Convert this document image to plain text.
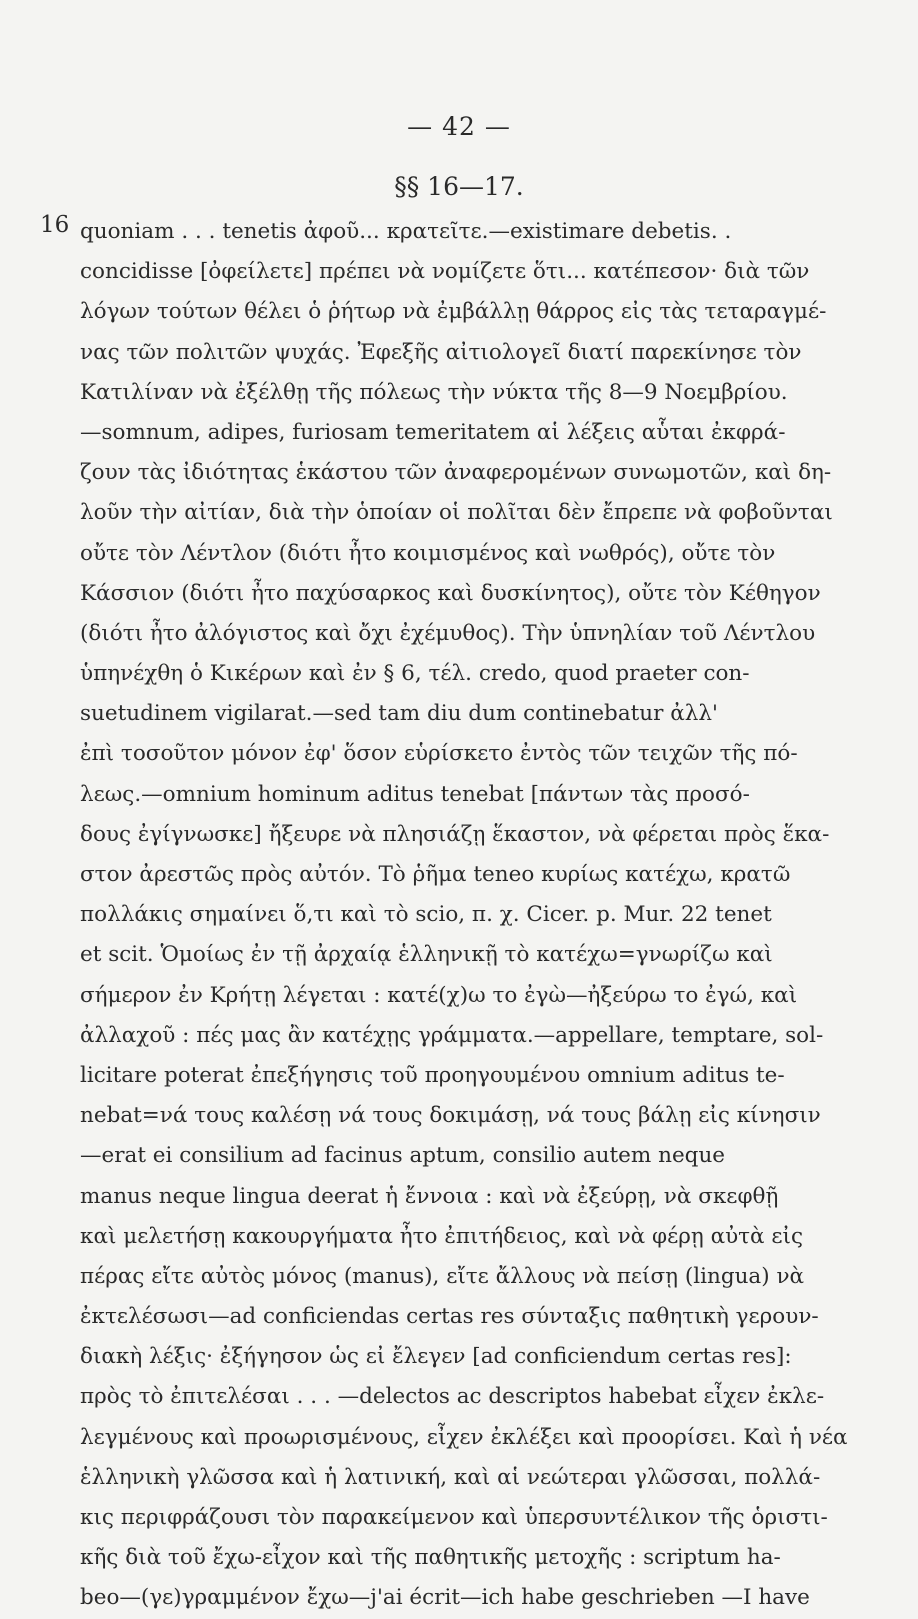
— 42 —
§§ 16—17.
16 quoniam . . . tenetis ἀφοῦ... κρατεῖτε.—existimare debetis. .
concidisse [ὀφείλετε] πρέπει νὰ νομίζετε ὅτι... κατέπεσον· διὰ τῶν
λόγων τούτων θέλει ὁ ῥήτωρ νὰ ἐμβάλλῃ θάρρος εἰς τὰς τεταραγμέ-
νας τῶν πολιτῶν ψυχάς. Ἐφεξῆς αἰτιολογεῖ διατί παρεκίνησε τὸν
Κατιλίναν νὰ ἐξέλθῃ τῆς πόλεως τὴν νύκτα τῆς 8—9 Νοεμβρίου.
—somnum, adipes, furiosam temeritatem αἱ λέξεις αὗται ἐκφρά-
ζουν τὰς ἰδιότητας ἑκάστου τῶν ἀναφερομένων συνωμοτῶν, καὶ δη-
λοῦν τὴν αἰτίαν, διὰ τὴν ὁποίαν οἱ πολῖται δὲν ἔπρεπε νὰ φοβοῦνται
οὔτε τὸν Λέντλον (διότι ἦτο κοιμισμένος καὶ νωθρός), οὔτε τὸν
Κάσσιον (διότι ἦτο παχύσαρκος καὶ δυσκίνητος), οὔτε τὸν Κέθηγον
(διότι ἦτο ἀλόγιστος καὶ ὄχι ἐχέμυθος). Τὴν ὑπνηλίαν τοῦ Λέντλου
ὑπηνέχθη ὁ Κικέρων καὶ ἐν § 6, τέλ. credo, quod praeter con-
suetudinem vigilarat.—sed tam diu dum continebatur ἀλλ'
ἐπὶ τοσοῦτον μόνον ἐφ' ὅσον εὑρίσκετο ἐντὸς τῶν τειχῶν τῆς πό-
λεως.—omnium hominum aditus tenebat [πάντων τὰς προσό-
δους ἐγίγνωσκε] ἤξευρε νὰ πλησιάζῃ ἕκαστον, νὰ φέρεται πρὸς ἕκα-
στον ἀρεστῶς πρὸς αὐτόν. Τὸ ῥῆμα teneo κυρίως κατέχω, κρατῶ
πολλάκις σημαίνει ὅ,τι καὶ τὸ scio, π. χ. Cicer. p. Mur. 22 tenet
et scit. Ὁμοίως ἐν τῇ ἀρχαίᾳ ἑλληνικῇ τὸ κατέχω=γνωρίζω καὶ
σήμερον ἐν Κρήτῃ λέγεται : κατέ(χ)ω το ἐγὼ—ἠξεύρω το ἐγώ, καὶ
ἀλλαχοῦ : πές μας ἂν κατέχῃς γράμματα.—appellare, temptare, sol-
licitare poterat ἐπεξήγησις τοῦ προηγουμένου omnium aditus te-
nebat=νά τους καλέσῃ νά τους δοκιμάσῃ, νά τους βάλῃ εἰς κίνησιν
—erat ei consilium ad facinus aptum, consilio autem neque
manus neque lingua deerat ἡ ἔννοια : καὶ νὰ ἐξεύρῃ, νὰ σκεφθῇ
καὶ μελετήσῃ κακουργήματα ἦτο ἐπιτήδειος, καὶ νὰ φέρῃ αὐτὰ εἰς
πέρας εἴτε αὐτὸς μόνος (manus), εἴτε ἄλλους νὰ πείσῃ (lingua) νὰ
ἐκτελέσωσι—ad conficiendas certas res σύνταξις παθητικὴ γερουν-
διακὴ λέξις· ἐξήγησον ὡς εἰ ἔλεγεν [ad conficiendum certas res]:
πρὸς τὸ ἐπιτελέσαι . . . —delectos ac descriptos habebat εἶχεν ἐκλε-
λεγμένους καὶ προωρισμένους, εἶχεν ἐκλέξει καὶ προορίσει. Καὶ ἡ νέα
ἑλληνικὴ γλῶσσα καὶ ἡ λατινική, καὶ αἱ νεώτεραι γλῶσσαι, πολλά-
κις περιφράζουσι τὸν παρακείμενον καὶ ὑπερσυντέλικον τῆς ὁριστι-
κῆς διὰ τοῦ ἔχω-εἶχον καὶ τῆς παθητικῆς μετοχῆς : scriptum ha-
beo—(γε)γραμμένον ἔχω—j'ai écrit—ich habe geschrieben —I have
